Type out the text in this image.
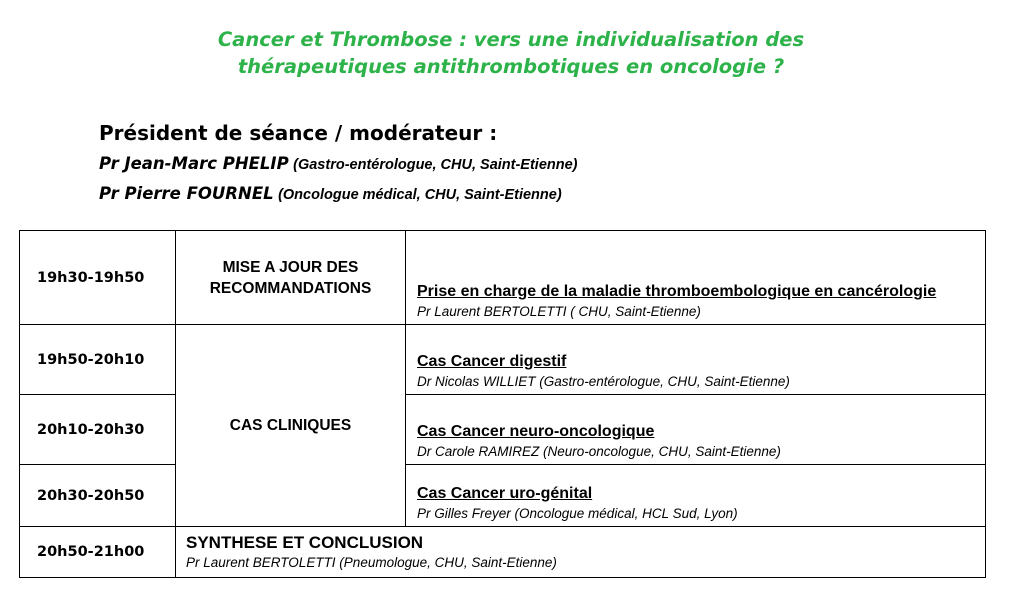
Cancer et Thrombose : vers une individualisation des
thérapeutiques antithrombotiques en oncologie ?
Président de séance / modérateur :
Pr Jean-Marc PHELIP (Gastro-entérologue, CHU, Saint-Etienne)
Pr Pierre FOURNEL (Oncologue médical, CHU, Saint-Etienne)
19h30-19h50	MISE A JOUR DES RECOMMANDATIONS	Prise en charge de la maladie thromboembologique en cancérologie
Pr Laurent BERTOLETTI ( CHU, Saint-Etienne)

19h50-20h10	CAS CLINIQUES	Cas Cancer digestif
Dr Nicolas WILLIET (Gastro-entérologue, CHU, Saint-Etienne)

20h10-20h30		Cas Cancer neuro-oncologique
Dr Carole RAMIREZ (Neuro-oncologue, CHU, Saint-Etienne)

20h30-20h50		Cas Cancer uro-génital
Pr Gilles Freyer (Oncologue médical, HCL Sud, Lyon)

20h50-21h00	SYNTHESE ET CONCLUSION
Pr Laurent BERTOLETTI (Pneumologue, CHU, Saint-Etienne)	
